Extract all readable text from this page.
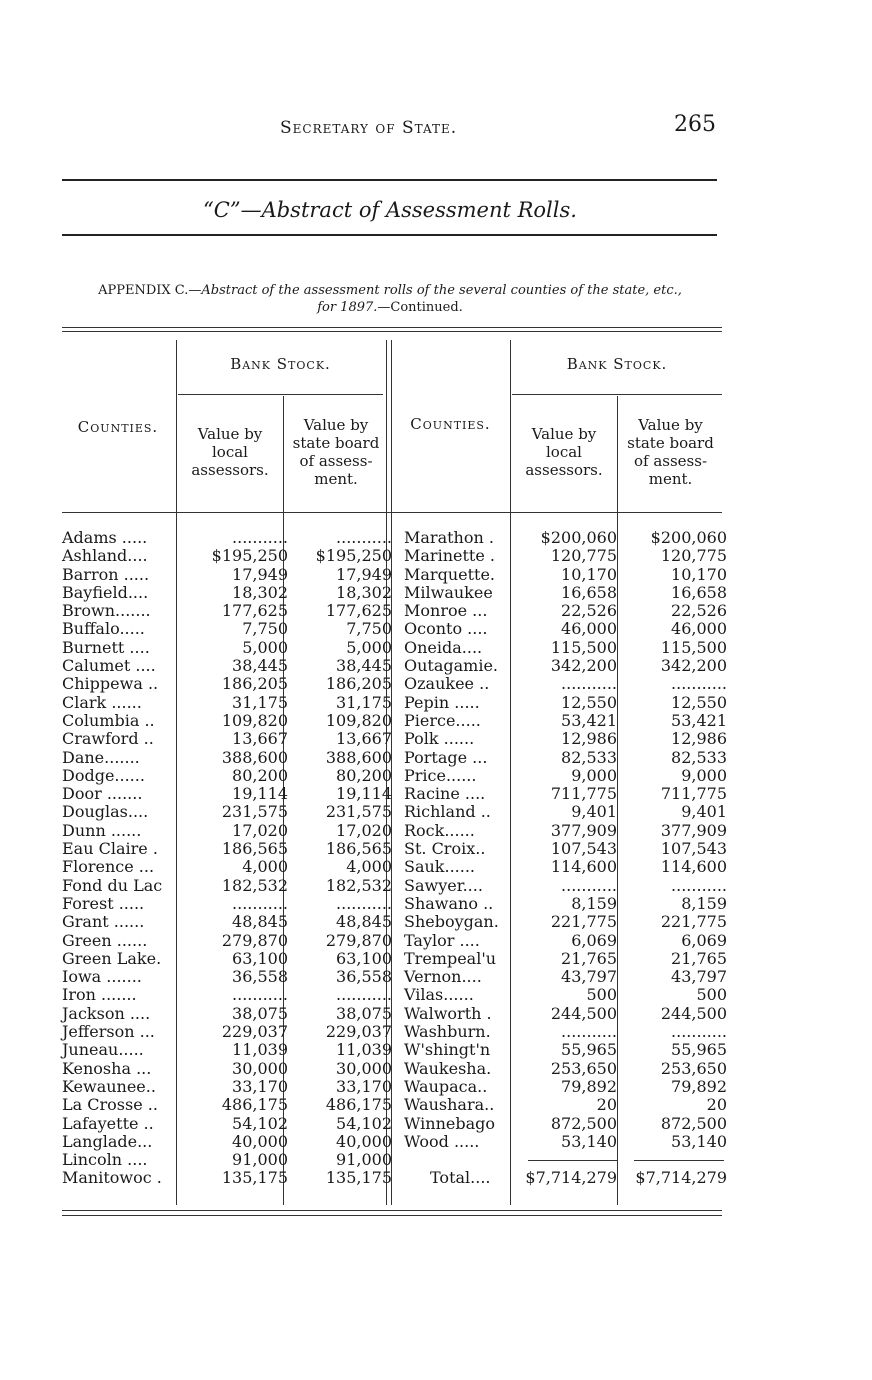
Secretary of State.	265
“C”—Abstract of Assessment Rolls.
APPENDIX C.—Abstract of the assessment rolls of the several counties of the state, etc.,
for 1897.—Continued.
Bank Stock.
Counties.	Value by local assessors.
Value by state board of assessment.
Bank Stock.
Counties.
Value by local assessors.
Value by state board of assessment.
Adams .....	...........	...........
Ashland....	$195,250 $195,250
Barron .....	17,949	17,949
Bayfield....	18,302	18,302
Brown.......	177,625 177,625
Buffalo.....	7,750	7,750
Burnett ....	5,000	5,000
Calumet ....	38,445	38,445
Chippewa ..	186,205 186,205
Clark ......	31,175	31,175
Columbia ..	109,820 109,820
Crawford ..	13,667	13,667
Dane.......	388,600 388,600
Dodge......	80,200	80,200
Door .......	19,114	19,114
Douglas....	231,575 231,575
Dunn ......	17,020	17,020
Eau Claire .	186,565 186,565
Florence ...	4,000	4,000
Fond du Lac	182,532 182,532
Forest .....	...........	...........
Grant ......	48,845	48,845
Green ......	279,870 279,870
Green Lake.	63,100	63,100
Iowa .......	36,558	36,558
Iron .......	...........	...........
Jackson ....	38,075	38,075
Jefferson ...	229,037 229,037
Juneau.....	11,039	11,039
Kenosha ...	30,000	30,000
Kewaunee..	33,170	33,170
La Crosse ..	486,175 486,175
Lafayette ..	54,102	54,102
Langlade...	40,000	40,000
Lincoln ....	91,000	91,000
Manitowoc .	135,175 135,175
Marathon .	$200,060 $200,060
Marinette .	120,775	120,775
Marquette.	10,170	10,170
Milwaukee	16,658	16,658
Monroe ...	22,526	22,526
Oconto ....	46,000	46,000
Oneida....	115,500	115,500
Outagamie.	342,200	342,200
Ozaukee ..	...........	...........
Pepin .....	12,550	12,550
Pierce.....	53,421	53,421
Polk ......	12,986	12,986
Portage ...	82,533	82,533
Price......	9,000	9,000
Racine ....	711,775	711,775
Richland ..	9,401	9,401
Rock......	377,909	377,909
St. Croix..	107,543	107,543
Sauk......	114,600	114,600
Sawyer....	...........	...........
Shawano ..	8,159	8,159
Sheboygan.	221,775	221,775
Taylor ....	6,069	6,069
Trempeal'u	21,765	21,765
Vernon....	43,797	43,797
Vilas......	500	500
Walworth .	244,500	244,500
Washburn.	...........	...........
W'shingt'n	55,965	55,965
Waukesha.	253,650	253,650
Waupaca..	79,892	79,892
Waushara..	20	20
Winnebago	872,500	872,500
Wood .....	53,140	53,140
Total.... $7,714,279 $7,714,279
